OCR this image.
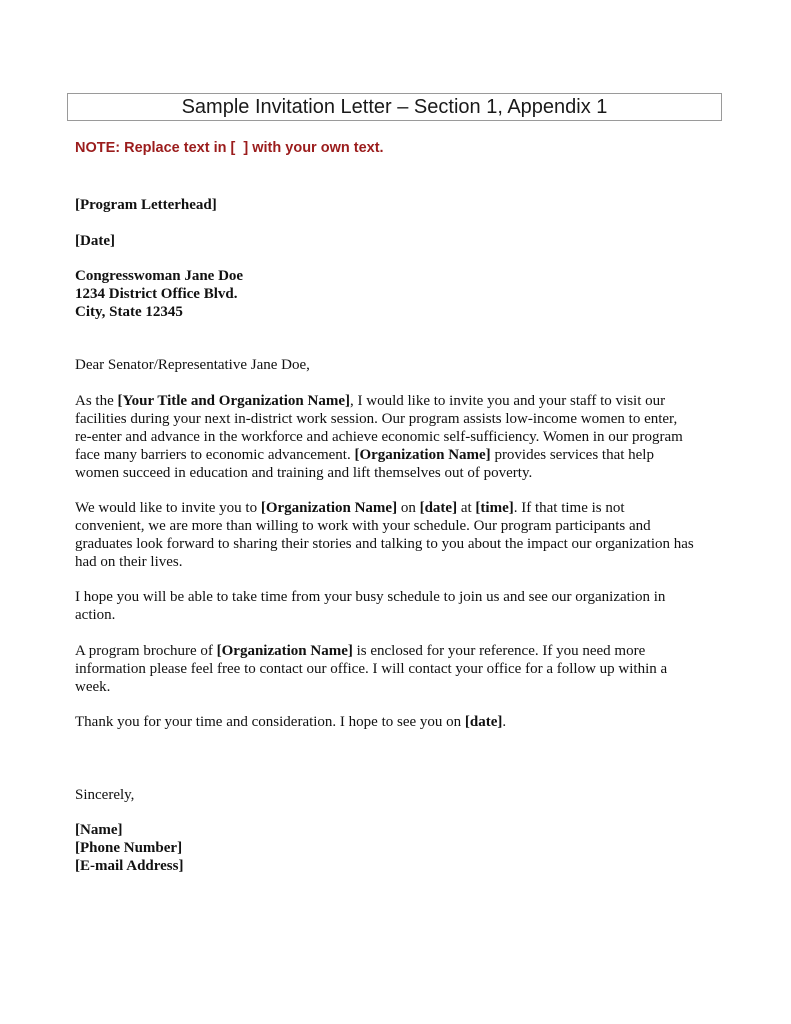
Sample Invitation Letter – Section 1, Appendix 1
NOTE: Replace text in [  ] with your own text.
[Program Letterhead]
[Date]
Congresswoman Jane Doe
1234 District Office Blvd.
City, State 12345
Dear Senator/Representative Jane Doe,
As the [Your Title and Organization Name], I would like to invite you and your staff to visit our
facilities during your next in-district work session. Our program assists low-income women to enter,
re-enter and advance in the workforce and achieve economic self-sufficiency. Women in our program
face many barriers to economic advancement. [Organization Name] provides services that help
women succeed in education and training and lift themselves out of poverty.
We would like to invite you to [Organization Name] on [date] at [time]. If that time is not
convenient, we are more than willing to work with your schedule. Our program participants and
graduates look forward to sharing their stories and talking to you about the impact our organization has
had on their lives.
I hope you will be able to take time from your busy schedule to join us and see our organization in
action.
A program brochure of [Organization Name] is enclosed for your reference. If you need more
information please feel free to contact our office. I will contact your office for a follow up within a
week.
Thank you for your time and consideration. I hope to see you on [date].
Sincerely,
[Name]
[Phone Number]
[E-mail Address]
